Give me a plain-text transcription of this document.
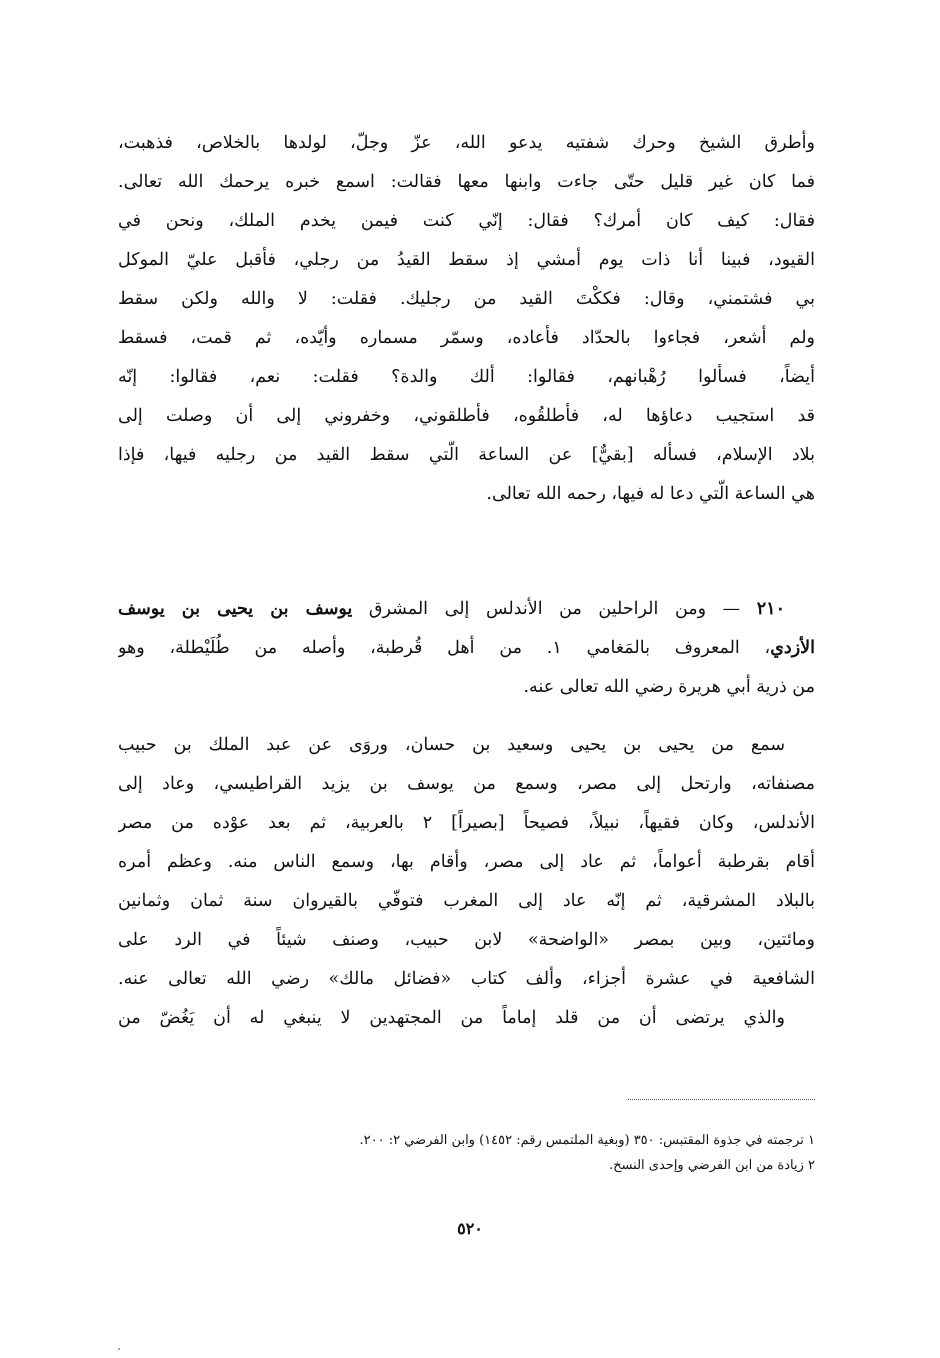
وأطرق الشيخ وحرك شفتيه يدعو الله، عزّ وجلّ، لولدها بالخلاص، فذهبت،
فما كان غير قليل حتّى جاءت وابنها معها فقالت: اسمع خبره يرحمك الله تعالى.
فقال: كيف كان أمرك؟ فقال: إنّي كنت فيمن يخدم الملك، ونحن في
القيود، فبينا أنا ذات يوم أمشي إذ سقط القيدُ من رجلي، فأقبل عليّ الموكل
بي فشتمني، وقال: فككْتَ القيد من رجليك. فقلت: لا والله ولكن سقط
ولم أشعر، فجاءوا بالحدّاد فأعاده، وسمّر مسماره وأيّده، ثم قمت، فسقط
أيضاً، فسألوا رُهْبانهم، فقالوا: ألك والدة؟ فقلت: نعم، فقالوا: إنّه
قد استجيب دعاؤها له، فأطلقُوه، فأطلقوني، وخفروني إلى أن وصلت إلى
بلاد الإسلام، فسأله [بقيٌّ] عن الساعة الّتي سقط القيد من رجليه فيها، فإذا
هي الساعة الّتي دعا له فيها، رحمه الله تعالى.
٢١٠ — ومن الراحلين من الأندلس إلى المشرق يوسف بن يحيى بن يوسف
الأزدي، المعروف بالمَغامي ١. من أهل قُرطبة، وأصله من طُلَيْطلة، وهو
من ذرية أبي هريرة رضي الله تعالى عنه.
سمع من يحيى بن يحيى وسعيد بن حسان، وروَى عن عبد الملك بن حبيب
مصنفاته، وارتحل إلى مصر، وسمع من يوسف بن يزيد القراطيسي، وعاد إلى
الأندلس، وكان فقيهاً، نبيلاً، فصيحاً [بصيراً] ٢ بالعربية، ثم بعد عوْده من مصر
أقام بقرطبة أعواماً، ثم عاد إلى مصر، وأقام بها، وسمع الناس منه. وعظم أمره
بالبلاد المشرقية، ثم إنّه عاد إلى المغرب فتوفّي بالقيروان سنة ثمان وثمانين
ومائتين، وبين بمصر «الواضحة» لابن حبيب، وصنف شيئاً في الرد على
الشافعية في عشرة أجزاء، وألف كتاب «فضائل مالك» رضي الله تعالى عنه.
والذي يرتضى أن من قلد إماماً من المجتهدين لا ينبغي له أن يَغُضّ من
١ ترجمته في جذوة المقتبس: ٣٥٠ (وبغية الملتمس رقم: ١٤٥٢) وابن الفرضي ٢: ٢٠٠.
٢ زيادة من ابن الفرضي وإحدى النسخ.
٥٢٠
